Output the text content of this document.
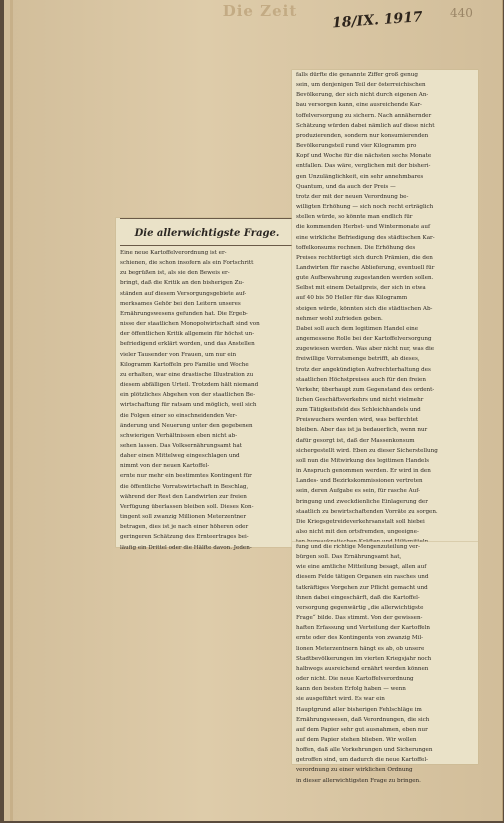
Die Zeit	18/IX. 1917	440
Die allerwichtigste Frage.
Eine neue Kartoffelverordnung ist er-
schienen, die schon insofern als ein Fortschritt
zu begrüßen ist, als sie den Beweis er-
bringt, daß die Kritik an den bisherigen Zu-
ständen auf diesem Versorgungsgebiete auf-
merksames Gehör bei den Leitern unseres
Ernährungswesens gefunden hat. Die Ergeb-
nisse der staatlichen Monopolwirtschaft sind von
der öffentlichen Kritik allgemein für höchst un-
befriedigend erklärt worden, und das Anstellen
vieler Tausender von Frauen, um nur ein
Kilogramm Kartoffeln pro Familie und Woche
zu erhalten, war eine drastische Illustration zu
diesem abfälligen Urteil. Trotzdem hält niemand
ein plötzliches Abgehen von der staatlichen Be-
wirtschaftung für ratsam und möglich, weil sich
die Folgen einer so einschneidenden Ver-
änderung und Neuerung unter den gegebenen
schwierigen Verhältnissen eben nicht ab-
sehen lassen. Das Volksernährungsamt hat
daher einen Mittelweg eingeschlagen und
nimmt von der neuen Kartoffel-
ernte nur mehr ein bestimmtes Kontingent für
die öffentliche Vorratswirtschaft in Beschlag,
während der Rest den Landwirten zur freien
Verfügung überlassen bleiben soll. Dieses Kon-
tingent soll zwanzig Millionen Meterzentner
betragen, dies ist je nach einer höheren oder
geringeren Schätzung des Ernteertrages bei-
läufig ein Drittel oder die Hälfte davon. Jeden-
falls dürfte die genannte Ziffer groß genug
sein, um denjenigen Teil der österreichischen
Bevölkerung, der sich nicht durch eigenen An-
bau versorgen kann, eine ausreichende Kar-
toffelversorgung zu sichern. Nach annähernder
Schätzung würden dabei nämlich auf diese nicht
produzierenden, sondern nur konsumierenden
Bevölkerungsteil rund vier Kilogramm pro
Kopf und Woche für die nächsten sechs Monate
entfallen. Das wäre, verglichen mit der bisheri-
gen Unzulänglichkeit, ein sehr annehmbares
Quantum, und da auch der Preis —
trotz der mit der neuen Verordnung be-
willigten Erhöhung — sich noch recht erträglich
stellen würde, so könnte man endlich für
die kommenden Herbst- und Wintermonate auf
eine wirkliche Befriedigung des städtischen Kar-
toffelkonsums rechnen. Die Erhöhung des
Preises rechtfertigt sich durch Prämien, die den
Landwirten für rasche Ablieferung, eventuell für
gute Aufbewahrung zugestanden werden sollen.
Selbst mit einem Detailpreis, der sich in etwa
auf 40 bis 50 Heller für das Kilogramm
steigen würde, könnten sich die städtischen Ab-
nehmer wohl zufrieden geben.
Dabei soll auch dem legitimen Handel eine
angemessene Rolle bei der Kartoffelversorgung
zugewiesen werden. Was aber nicht nur, was die
freiwillige Vorratsmenge betrifft, ab dieses,
trotz der angekündigten Aufrechterhaltung des
staatlichen Höchstpreises auch für den freien
Verkehr, überhaupt zum Gegenstand des ordent-
lichen Geschäftsverkehrs und nicht vielmehr
zum Tätigkeitsfeld des Schleichhandels und
Preiswuchers werden wird, was befürchtet
bleiben. Aber das ist ja bedauerlich, wenn nur
dafür gesorgt ist, daß der Massenkonsum
sichergestellt wird. Eben zu dieser Sicherstellung
soll nun die Mitwirkung des legitimen Handels
in Anspruch genommen werden. Er wird in den
Landes- und Bezirkskommissionen vertreten
sein, deren Aufgabe es sein, für rasche Auf-
bringung und zweckdienliche Einlagerung der
staatlich zu bewirtschaftenden Vorräte zu sorgen.
Die Kriegsgetreideverkehrsanstalt soll hiebei
also nicht mit den ortsfremden, ungeeigne-
fung und die richtige Mengenzuteilung ver-
bürgen soll. Das Ernährungsamt hat,
wie eine amtliche Mitteilung besagt, allen auf
diesem Felde tätigen Organen ein rasches und
tatkräftiges Vorgehen zur Pflicht gemacht und
ihnen dabei eingeschärft, daß die Kartoffel-
versorgung gegenwärtig „die allerwichtigste
Frage“ bilde. Das stimmt. Von der gewissen-
haften Erfassung und Verteilung der Kartoffeln
ernte oder des Kontingents von zwanzig Mil-
lionen Meterzentnern hängt es ab, ob unsere
Stadtbevölkerungen im vierten Kriegsjahr noch
halbwegs ausreichend ernährt werden können
oder nicht. Die neue Kartoffelverordnung
kann den besten Erfolg haben — wenn
sie ausgeführt wird. Es war ein
Hauptgrund aller bisherigen Fehlschläge im
Ernährungswesen, daß Verordnungen, die sich
auf dem Papier sehr gut ausnahmen, eben nur
auf dem Papier stehen blieben. Wir wollen
hoffen, daß alle Vorkehrungen und Sicherungen
getroffen sind, um dadurch die neue Kartoffel-
verordnung zu einer wirklichen Ordnung
in dieser allerwichtigsten Frage zu bringen.
